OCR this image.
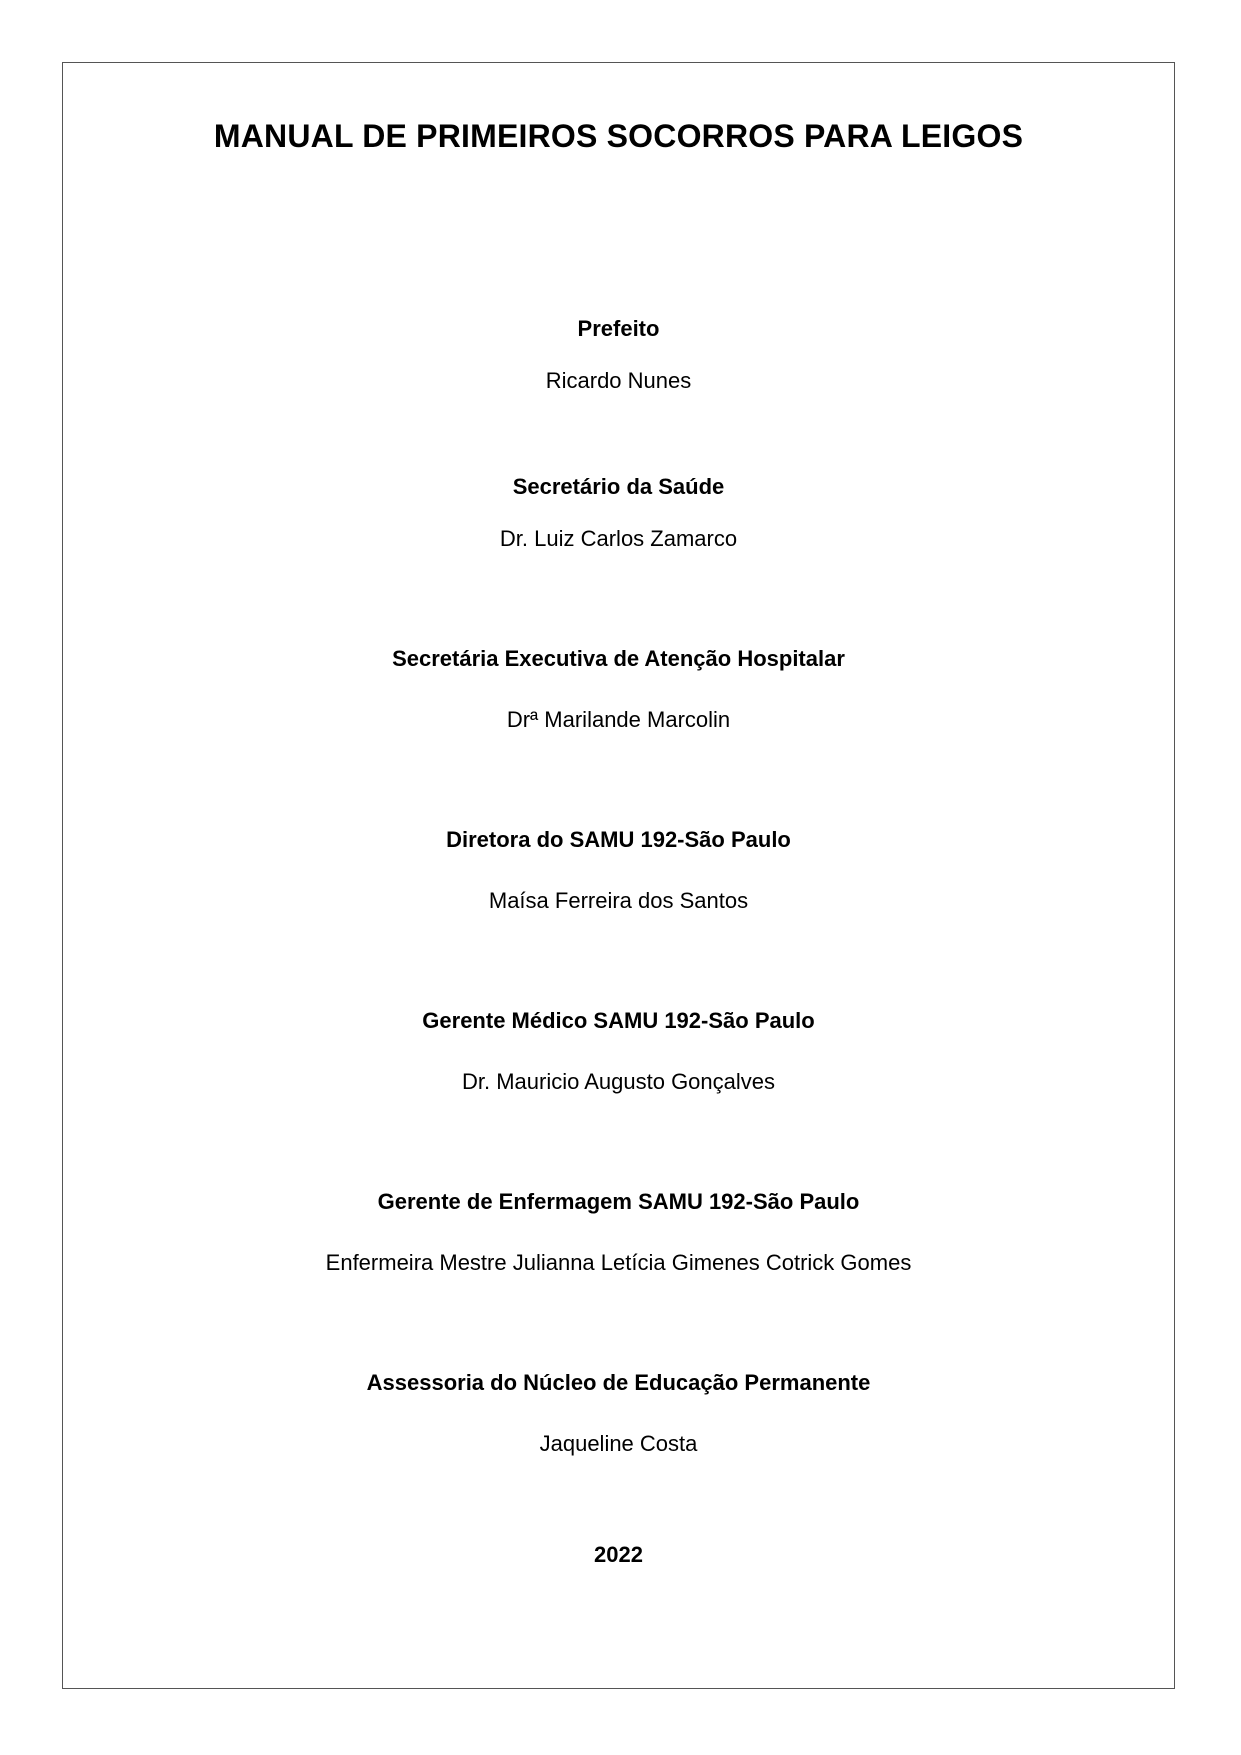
MANUAL DE PRIMEIROS SOCORROS PARA LEIGOS
Prefeito
Ricardo Nunes
Secretário da Saúde
Dr. Luiz Carlos Zamarco
Secretária Executiva de Atenção Hospitalar
Drª Marilande Marcolin
Diretora do SAMU 192-São Paulo
Maísa Ferreira dos Santos
Gerente Médico SAMU 192-São Paulo
Dr. Mauricio Augusto Gonçalves
Gerente de Enfermagem SAMU 192-São Paulo
Enfermeira Mestre Julianna Letícia Gimenes Cotrick Gomes
Assessoria do Núcleo de Educação Permanente
Jaqueline Costa
2022
